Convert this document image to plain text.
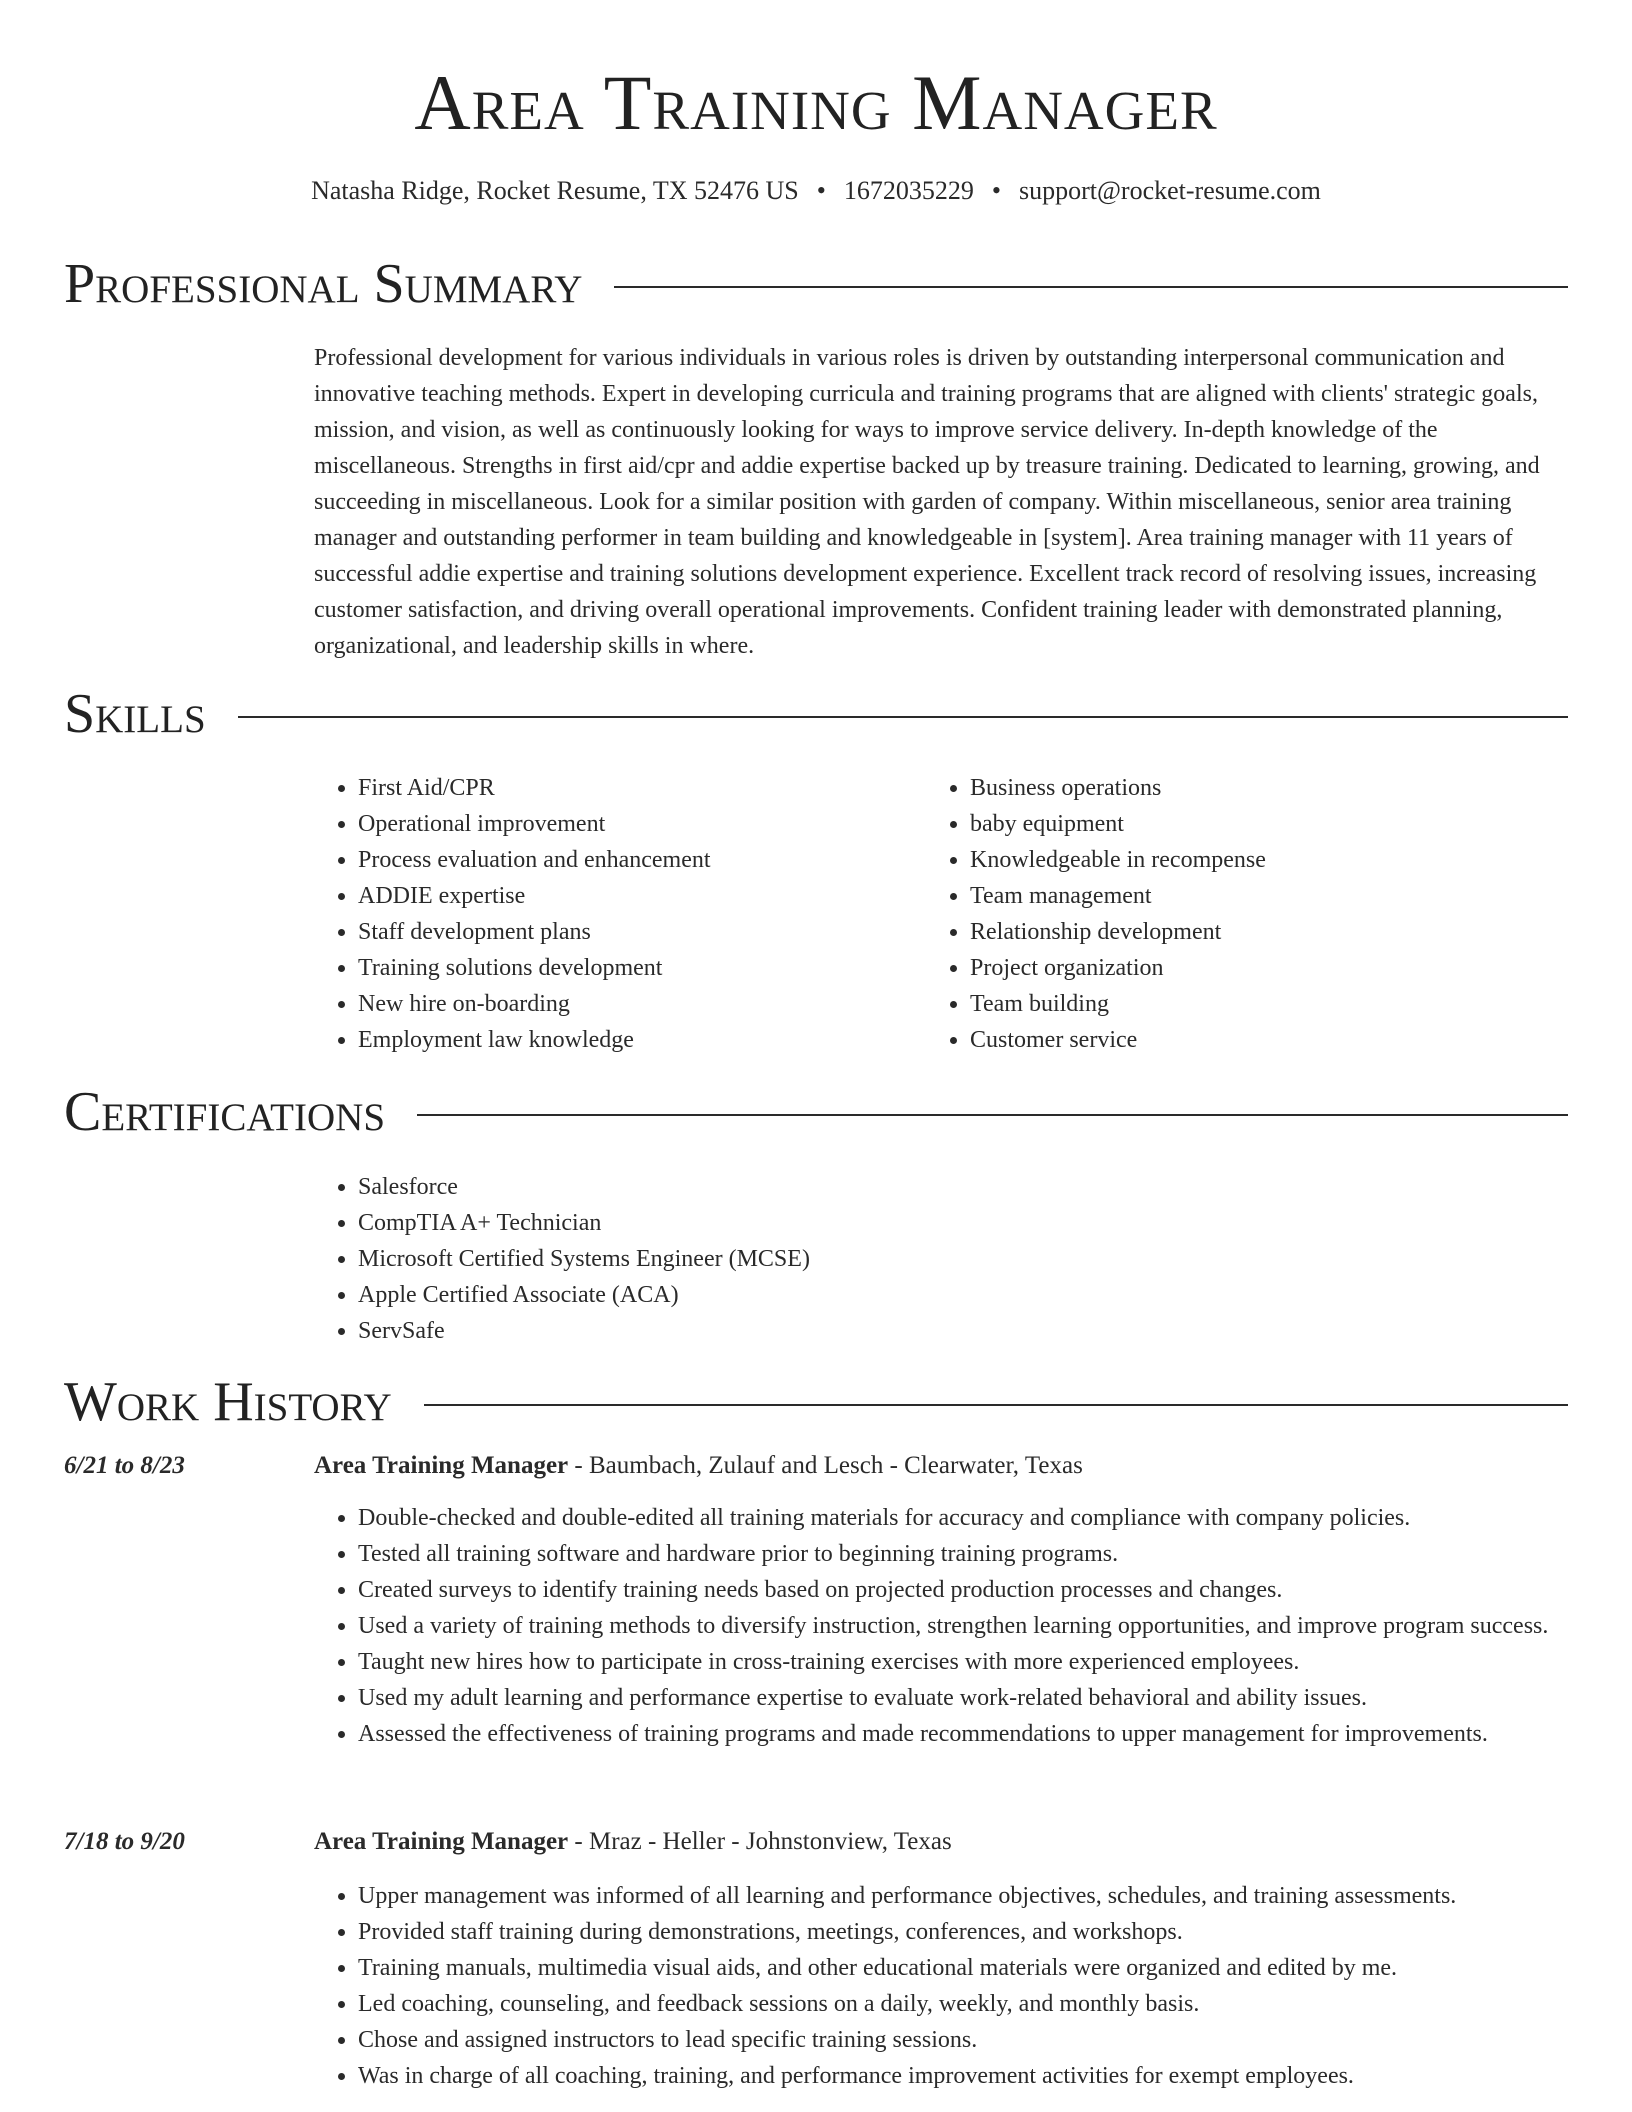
Area Training Manager
Natasha Ridge, Rocket Resume, TX 52476 US • 1672035229 • support@rocket-resume.com
Professional Summary
Professional development for various individuals in various roles is driven by outstanding interpersonal communication and innovative teaching methods. Expert in developing curricula and training programs that are aligned with clients' strategic goals, mission, and vision, as well as continuously looking for ways to improve service delivery. In-depth knowledge of the miscellaneous. Strengths in first aid/cpr and addie expertise backed up by treasure training. Dedicated to learning, growing, and succeeding in miscellaneous. Look for a similar position with garden of company. Within miscellaneous, senior area training manager and outstanding performer in team building and knowledgeable in [system]. Area training manager with 11 years of successful addie expertise and training solutions development experience. Excellent track record of resolving issues, increasing customer satisfaction, and driving overall operational improvements. Confident training leader with demonstrated planning, organizational, and leadership skills in where.
Skills
• First Aid/CPR
• Operational improvement
• Process evaluation and enhancement
• ADDIE expertise
• Staff development plans
• Training solutions development
• New hire on-boarding
• Employment law knowledge
• Business operations
• baby equipment
• Knowledgeable in recompense
• Team management
• Relationship development
• Project organization
• Team building
• Customer service
Certifications
• Salesforce
• CompTIA A+ Technician
• Microsoft Certified Systems Engineer (MCSE)
• Apple Certified Associate (ACA)
• ServSafe
Work History
6/21 to 8/23	Area Training Manager - Baumbach, Zulauf and Lesch - Clearwater, Texas
• Double-checked and double-edited all training materials for accuracy and compliance with company policies.
• Tested all training software and hardware prior to beginning training programs.
• Created surveys to identify training needs based on projected production processes and changes.
• Used a variety of training methods to diversify instruction, strengthen learning opportunities, and improve program success.
• Taught new hires how to participate in cross-training exercises with more experienced employees.
• Used my adult learning and performance expertise to evaluate work-related behavioral and ability issues.
• Assessed the effectiveness of training programs and made recommendations to upper management for improvements.
7/18 to 9/20	Area Training Manager - Mraz - Heller - Johnstonview, Texas
• Upper management was informed of all learning and performance objectives, schedules, and training assessments.
• Provided staff training during demonstrations, meetings, conferences, and workshops.
• Training manuals, multimedia visual aids, and other educational materials were organized and edited by me.
• Led coaching, counseling, and feedback sessions on a daily, weekly, and monthly basis.
• Chose and assigned instructors to lead specific training sessions.
• Was in charge of all coaching, training, and performance improvement activities for exempt employees.
